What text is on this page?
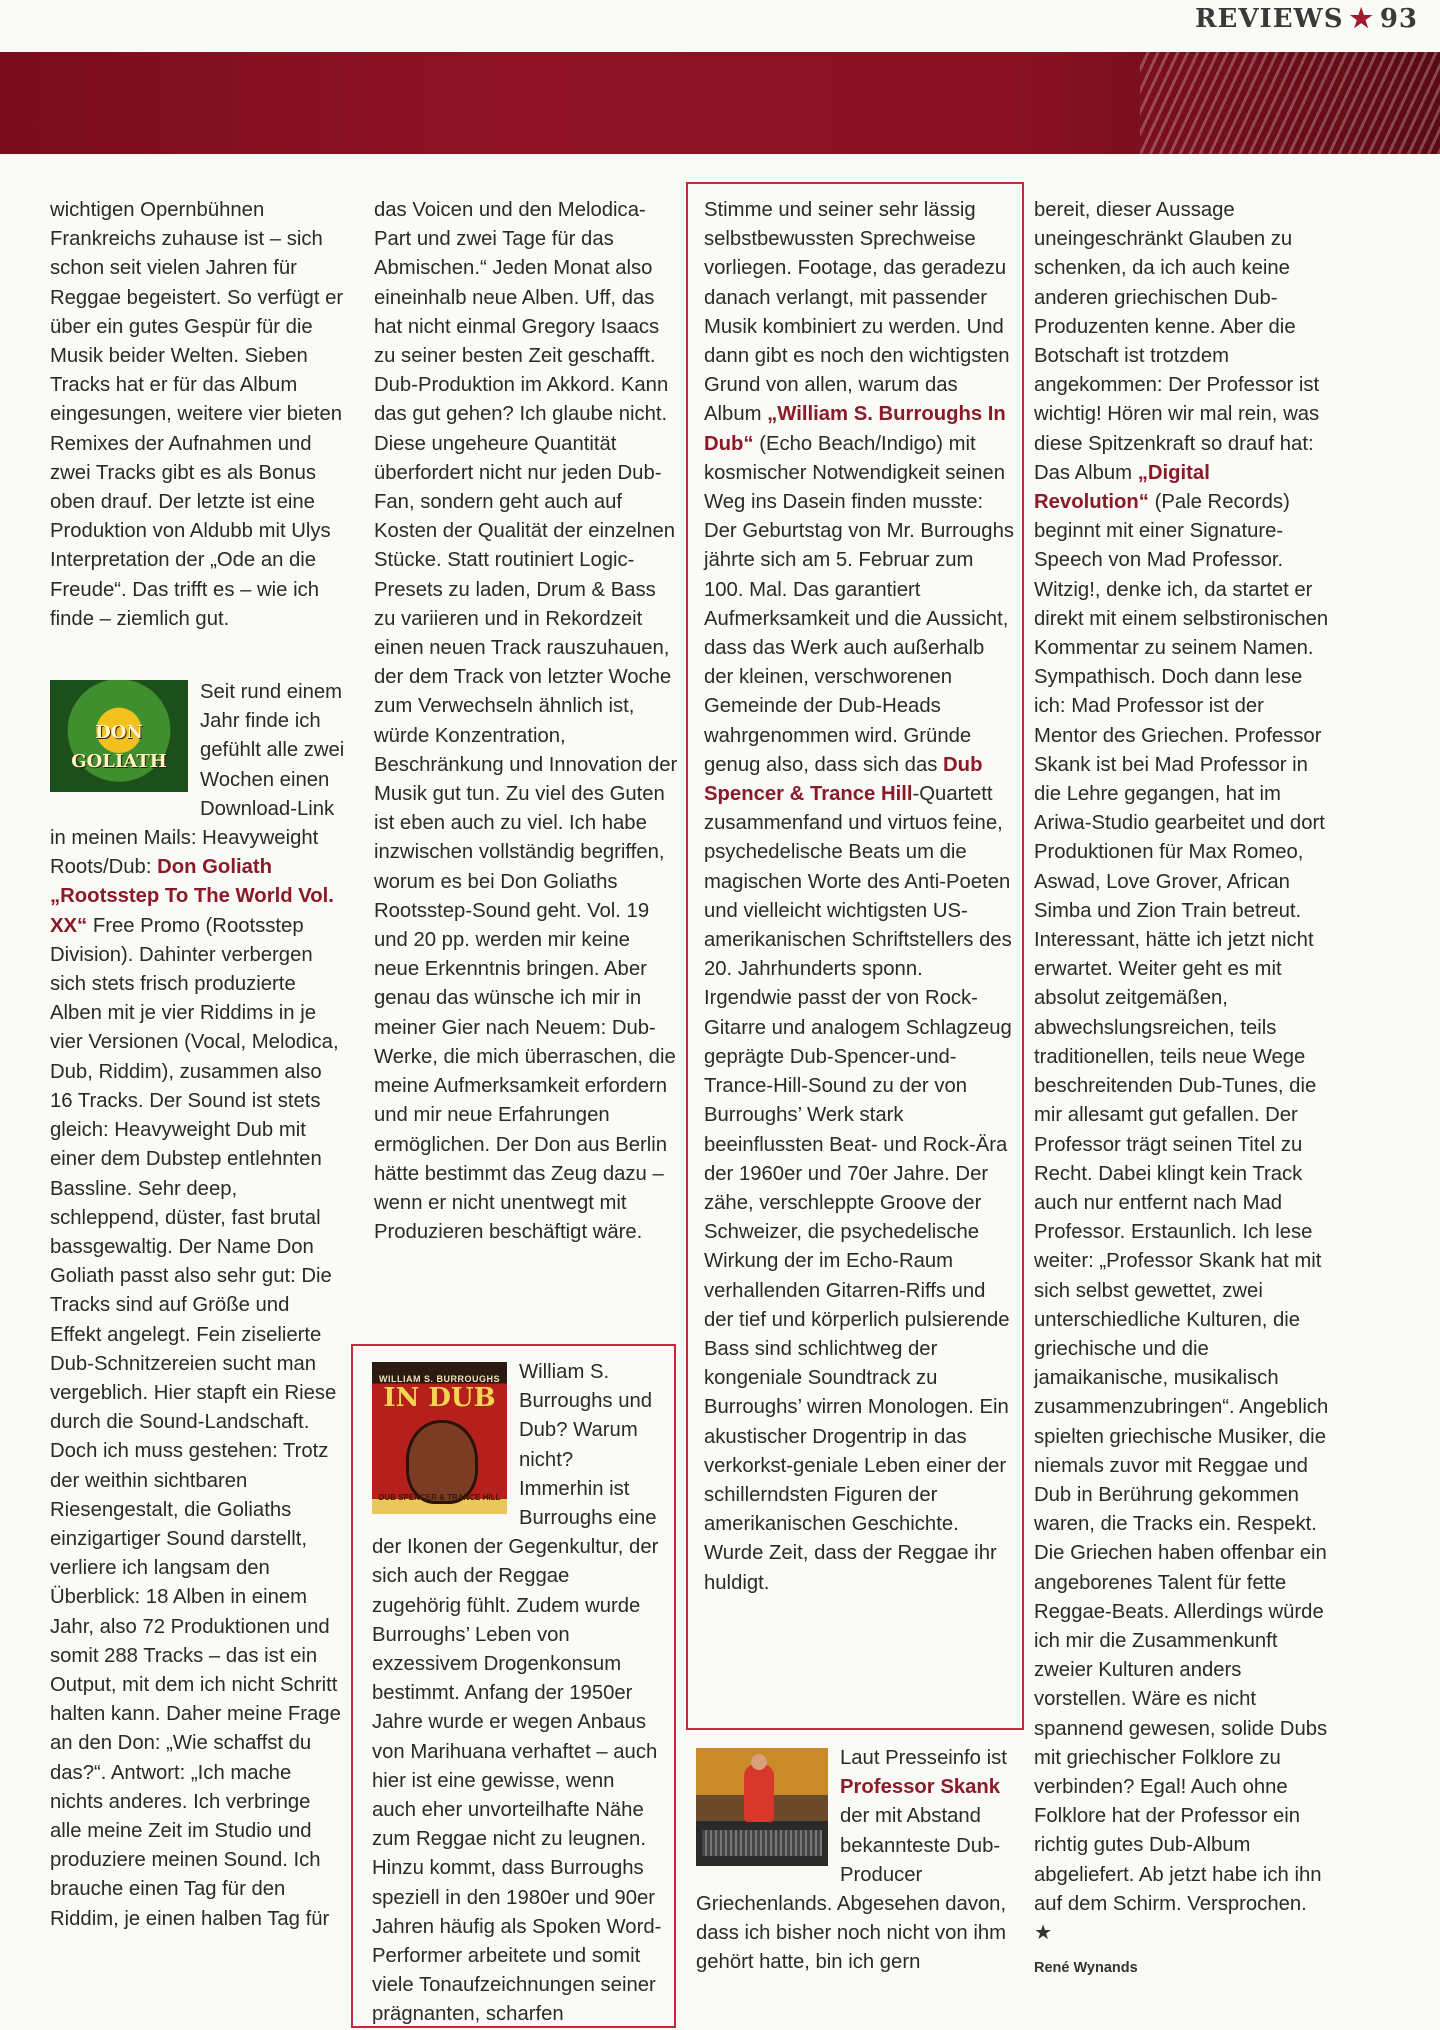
REVIEWS ★ 93

wichtigen Opernbühnen Frankreichs zuhause ist – sich schon seit vielen Jahren für Reggae begeistert. So verfügt er über ein gutes Gespür für die Musik beider Welten. Sieben Tracks hat er für das Album eingesungen, weitere vier bieten Remixes der Aufnahmen und zwei Tracks gibt es als Bonus oben drauf. Der letzte ist eine Produktion von Aldubb mit Ulys Interpretation der „Ode an die Freude“. Das trifft es – wie ich finde – ziemlich gut.

DON GOLIATH

Seit rund einem Jahr finde ich gefühlt alle zwei Wochen einen Download-Link in meinen Mails: Heavyweight Roots/Dub: Don Goliath „Rootsstep To The World Vol. XX“ Free Promo (Rootsstep Division). Dahinter verbergen sich stets frisch produzierte Alben mit je vier Riddims in je vier Versionen (Vocal, Melodica, Dub, Riddim), zusammen also 16 Tracks. Der Sound ist stets gleich: Heavyweight Dub mit einer dem Dubstep entlehnten Bassline. Sehr deep, schleppend, düster, fast brutal bassgewaltig. Der Name Don Goliath passt also sehr gut: Die Tracks sind auf Größe und Effekt angelegt. Fein ziselierte Dub-Schnitzereien sucht man vergeblich. Hier stapft ein Riese durch die Sound-Landschaft. Doch ich muss gestehen: Trotz der weithin sichtbaren Riesengestalt, die Goliaths einzigartiger Sound darstellt, verliere ich langsam den Überblick: 18 Alben in einem Jahr, also 72 Produktionen und somit 288 Tracks – das ist ein Output, mit dem ich nicht Schritt halten kann. Daher meine Frage an den Don: „Wie schaffst du das?“. Antwort: „Ich mache nichts anderes. Ich verbringe alle meine Zeit im Studio und produziere meinen Sound. Ich brauche einen Tag für den Riddim, je einen halben Tag für

das Voicen und den Melodica-Part und zwei Tage für das Abmischen.“ Jeden Monat also eineinhalb neue Alben. Uff, das hat nicht einmal Gregory Isaacs zu seiner besten Zeit geschafft. Dub-Produktion im Akkord. Kann das gut gehen? Ich glaube nicht. Diese ungeheure Quantität überfordert nicht nur jeden Dub-Fan, sondern geht auch auf Kosten der Qualität der einzelnen Stücke. Statt routiniert Logic-Presets zu laden, Drum & Bass zu variieren und in Rekordzeit einen neuen Track rauszuhauen, der dem Track von letzter Woche zum Verwechseln ähnlich ist, würde Konzentration, Beschränkung und Innovation der Musik gut tun. Zu viel des Guten ist eben auch zu viel. Ich habe inzwischen vollständig begriffen, worum es bei Don Goliaths Rootsstep-Sound geht. Vol. 19 und 20 pp. werden mir keine neue Erkenntnis bringen. Aber genau das wünsche ich mir in meiner Gier nach Neuem: Dub-Werke, die mich überraschen, die meine Aufmerksamkeit erfordern und mir neue Erfahrungen ermöglichen. Der Don aus Berlin hätte bestimmt das Zeug dazu – wenn er nicht unentwegt mit Produzieren beschäftigt wäre.

WILLIAM S. BURROUGHS
IN DUB
DUB SPENCER & TRANCE HILL

William S. Burroughs und Dub? Warum nicht? Immerhin ist Burroughs eine der Ikonen der Gegenkultur, der sich auch der Reggae zugehörig fühlt. Zudem wurde Burroughs’ Leben von exzessivem Drogenkonsum bestimmt. Anfang der 1950er Jahre wurde er wegen Anbaus von Marihuana verhaftet – auch hier ist eine gewisse, wenn auch eher unvorteilhafte Nähe zum Reggae nicht zu leugnen. Hinzu kommt, dass Burroughs speziell in den 1980er und 90er Jahren häufig als Spoken Word-Performer arbeitete und somit viele Tonaufzeichnungen seiner prägnanten, scharfen

Stimme und seiner sehr lässig selbstbewussten Sprechweise vorliegen. Footage, das geradezu danach verlangt, mit passender Musik kombiniert zu werden. Und dann gibt es noch den wichtigsten Grund von allen, warum das Album „William S. Burroughs In Dub“ (Echo Beach/Indigo) mit kosmischer Notwendigkeit seinen Weg ins Dasein finden musste: Der Geburtstag von Mr. Burroughs jährte sich am 5. Februar zum 100. Mal. Das garantiert Aufmerksamkeit und die Aussicht, dass das Werk auch außerhalb der kleinen, verschworenen Gemeinde der Dub-Heads wahrgenommen wird. Gründe genug also, dass sich das Dub Spencer & Trance Hill-Quartett zusammenfand und virtuos feine, psychedelische Beats um die magischen Worte des Anti-Poeten und vielleicht wichtigsten US-amerikanischen Schriftstellers des 20. Jahrhunderts sponn. Irgendwie passt der von Rock-Gitarre und analogem Schlagzeug geprägte Dub-Spencer-und-Trance-Hill-Sound zu der von Burroughs’ Werk stark beeinflussten Beat- und Rock-Ära der 1960er und 70er Jahre. Der zähe, verschleppte Groove der Schweizer, die psychedelische Wirkung der im Echo-Raum verhallenden Gitarren-Riffs und der tief und körperlich pulsierende Bass sind schlichtweg der kongeniale Soundtrack zu Burroughs’ wirren Monologen. Ein akustischer Drogentrip in das verkorkst-geniale Leben einer der schillerndsten Figuren der amerikanischen Geschichte. Wurde Zeit, dass der Reggae ihr huldigt.

Laut Presseinfo ist Professor Skank der mit Abstand bekannteste Dub-Producer Griechenlands. Abgesehen davon, dass ich bisher noch nicht von ihm gehört hatte, bin ich gern

bereit, dieser Aussage uneingeschränkt Glauben zu schenken, da ich auch keine anderen griechischen Dub-Produzenten kenne. Aber die Botschaft ist trotzdem angekommen: Der Professor ist wichtig! Hören wir mal rein, was diese Spitzenkraft so drauf hat: Das Album „Digital Revolution“ (Pale Records) beginnt mit einer Signature-Speech von Mad Professor. Witzig!, denke ich, da startet er direkt mit einem selbstironischen Kommentar zu seinem Namen. Sympathisch. Doch dann lese ich: Mad Professor ist der Mentor des Griechen. Professor Skank ist bei Mad Professor in die Lehre gegangen, hat im Ariwa-Studio gearbeitet und dort Produktionen für Max Romeo, Aswad, Love Grover, African Simba und Zion Train betreut. Interessant, hätte ich jetzt nicht erwartet. Weiter geht es mit absolut zeitgemäßen, abwechslungsreichen, teils traditionellen, teils neue Wege beschreitenden Dub-Tunes, die mir allesamt gut gefallen. Der Professor trägt seinen Titel zu Recht. Dabei klingt kein Track auch nur entfernt nach Mad Professor. Erstaunlich. Ich lese weiter: „Professor Skank hat mit sich selbst gewettet, zwei unterschiedliche Kulturen, die griechische und die jamaikanische, musikalisch zusammenzubringen“. Angeblich spielten griechische Musiker, die niemals zuvor mit Reggae und Dub in Berührung gekommen waren, die Tracks ein. Respekt. Die Griechen haben offenbar ein angeborenes Talent für fette Reggae-Beats. Allerdings würde ich mir die Zusammenkunft zweier Kulturen anders vorstellen. Wäre es nicht spannend gewesen, solide Dubs mit griechischer Folklore zu verbinden? Egal! Auch ohne Folklore hat der Professor ein richtig gutes Dub-Album abgeliefert. Ab jetzt habe ich ihn auf dem Schirm. Versprochen. ★

René Wynands
